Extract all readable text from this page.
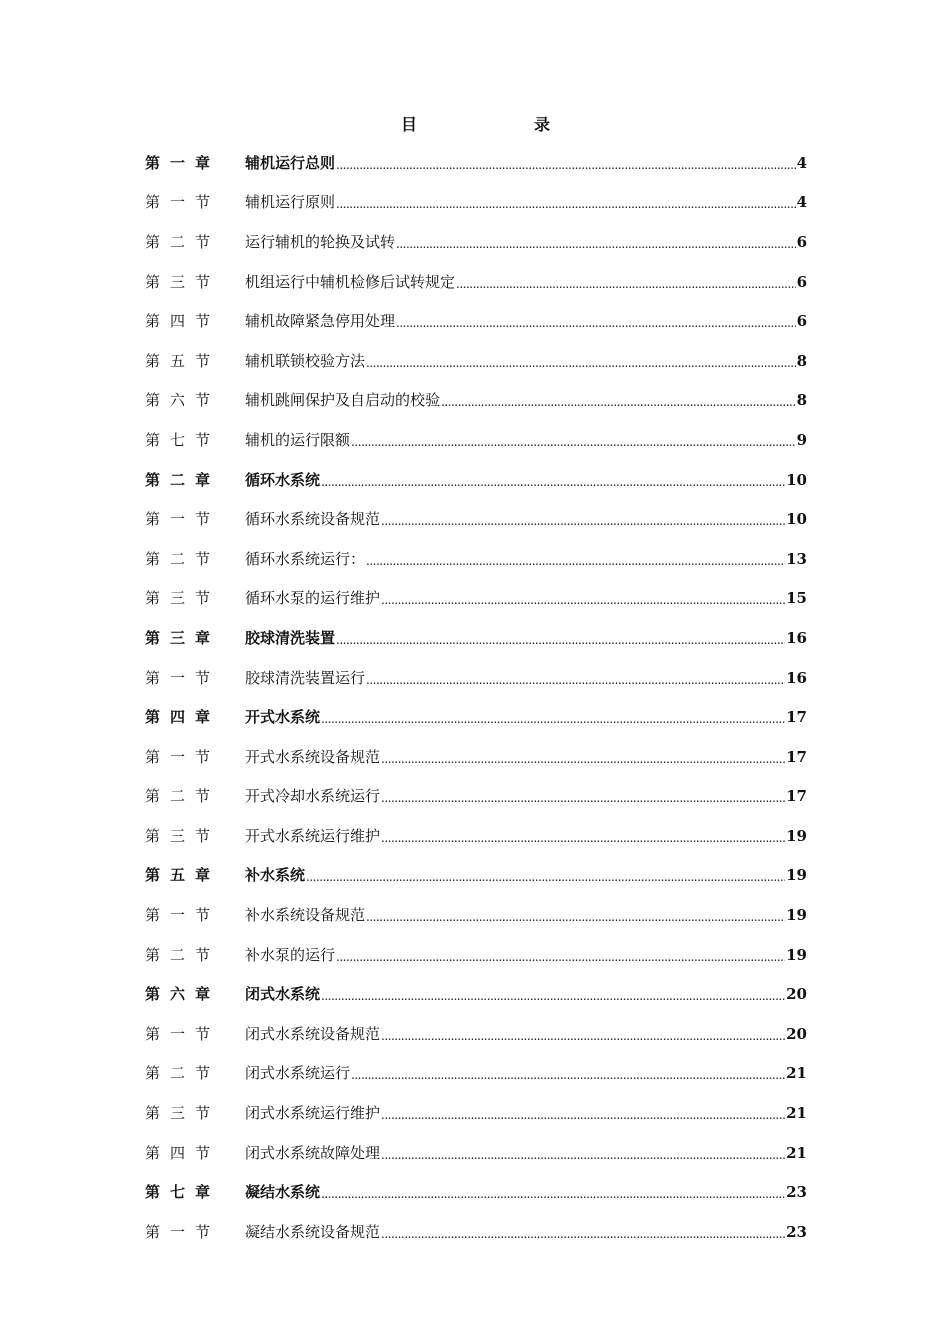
目	录
第 一 章 辅机运行总则 .....	4
第 一 节 辅机运行原则 .....	4
第 二 节 运行辅机的轮换及试转 .....	6
第 三 节 机组运行中辅机检修后试转规定 .....	6
第 四 节 辅机故障紧急停用处理 .....	6
第 五 节 辅机联锁校验方法 .....	8
第 六 节 辅机跳闸保护及自启动的校验 .....	8
第 七 节 辅机的运行限额 .....	9
第 二 章 循环水系统 .....	10
第 一 节 循环水系统设备规范 .....	10
第 二 节 循环水系统运行： .....	13
第 三 节 循环水泵的运行维护 .....	15
第 三 章 胶球清洗装置 .....	16
第 一 节 胶球清洗装置运行 .....	16
第 四 章 开式水系统 .....	17
第 一 节 开式水系统设备规范 .....	17
第 二 节 开式冷却水系统运行 .....	17
第 三 节 开式水系统运行维护 .....	19
第 五 章 补水系统 .....	19
第 一 节 补水系统设备规范 .....	19
第 二 节 补水泵的运行 .....	19
第 六 章 闭式水系统 .....	20
第 一 节 闭式水系统设备规范 .....	20
第 二 节 闭式水系统运行 .....	21
第 三 节 闭式水系统运行维护 .....	21
第 四 节 闭式水系统故障处理 .....	21
第 七 章 凝结水系统 .....	23
第 一 节 凝结水系统设备规范 .....	23
